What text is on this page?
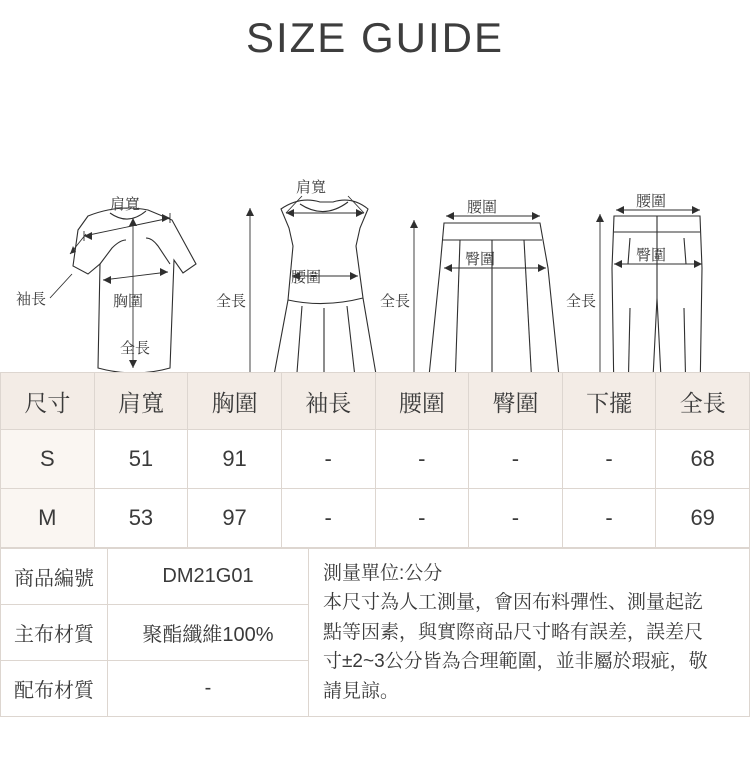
SIZE GUIDE
肩寬
袖長	胸圍
全長
肩寬
腰圍
全長
腰圍
臀圍
全長
腰圍
臀圍
全長
尺寸	肩寬	胸圍	袖長	腰圍	臀圍	下擺	全長
S	51	91	-	-	-	-	68
M	53	97	-	-	-	-	69
商品編號	DM21G01	測量單位:公分
本尺寸為人工測量，會因布料彈性、測量起訖
點等因素，與實際商品尺寸略有誤差，誤差尺
寸±2~3公分皆為合理範圍，並非屬於瑕疵，敬
請見諒。

主布材質	聚酯纖維100%	
配布材質	-	
